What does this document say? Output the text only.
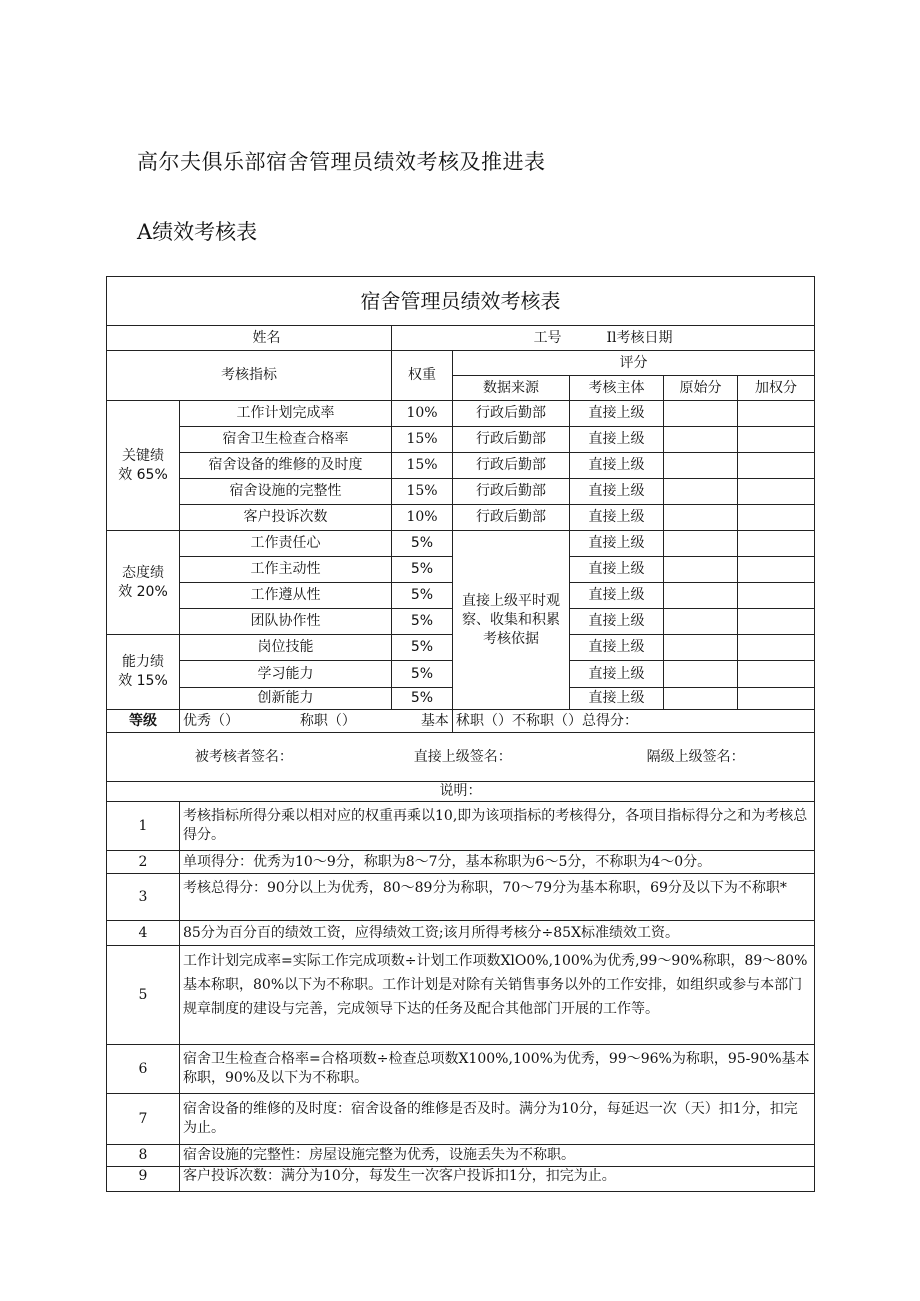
高尔夫俱乐部宿舍管理员绩效考核及推进表
A绩效考核表
宿舍管理员绩效考核表						
姓名		工号 Il考核日期				
考核指标		权重	评分			
			数据来源	考核主体	原始分	加权分

关键绩
效 65%	工作计划完成率	10%	行政后勤部	直接上级		
	宿舍卫生检查合格率	15%	行政后勤部	直接上级		
	宿舍设备的维修的及时度	15%	行政后勤部	直接上级		
	宿舍设施的完整性	15%	行政后勤部	直接上级		
	客户投诉次数	10%	行政后勤部	直接上级		

态度绩
效 20%	工作责任心	5%	直接上级平时观察、收集和积累考核依据	直接上级		
	工作主动性	5%		直接上级		
	工作遵从性	5%		直接上级		
	团队协作性	5%		直接上级		

能力绩
效 15%	岗位技能	5%		直接上级		
	学习能力	5%		直接上级		
	创新能力	5%		直接上级		
等级	优秀（） 称职（） 基本		秫职（）不称职（）总得分：			
被考核者签名： 直接上级签名： 隔级上级签名：						
说明：						
1	考核指标所得分乘以相对应的权重再乘以10,即为该项指标的考核得分，各项目指标得分之和为考核总得分。					
2	单项得分：优秀为10～9分，称职为8～7分，基本称职为6～5分，不称职为4～0分。					
3	考核总得分：90分以上为优秀，80～89分为称职，70～79分为基本称职，69分及以下为不称职*					
4	85分为百分百的绩效工资，应得绩效工资;该月所得考核分÷85X标准绩效工资。					
5	工作计划完成率=实际工作完成项数÷计划工作项数XlO0%,100%为优秀,99～90%称职，89～80%基本称职，80%以下为不称职。工作计划是对除有关销售事务以外的工作安排，如组织或参与本部门规章制度的建设与完善，完成领导下达的任务及配合其他部门开展的工作等。					
6	宿舍卫生检查合格率=合格项数÷检查总项数X100%,100%为优秀，99～96%为称职，95-90%基本称职，90%及以下为不称职。					
7	宿舍设备的维修的及时度：宿舍设备的维修是否及时。满分为10分，每延迟一次（天）扣1分，扣完为止。					
8	宿舍设施的完整性：房屋设施完整为优秀，设施丢失为不称职。					
9	客户投诉次数：满分为10分，每发生一次客户投诉扣1分，扣完为止。					
